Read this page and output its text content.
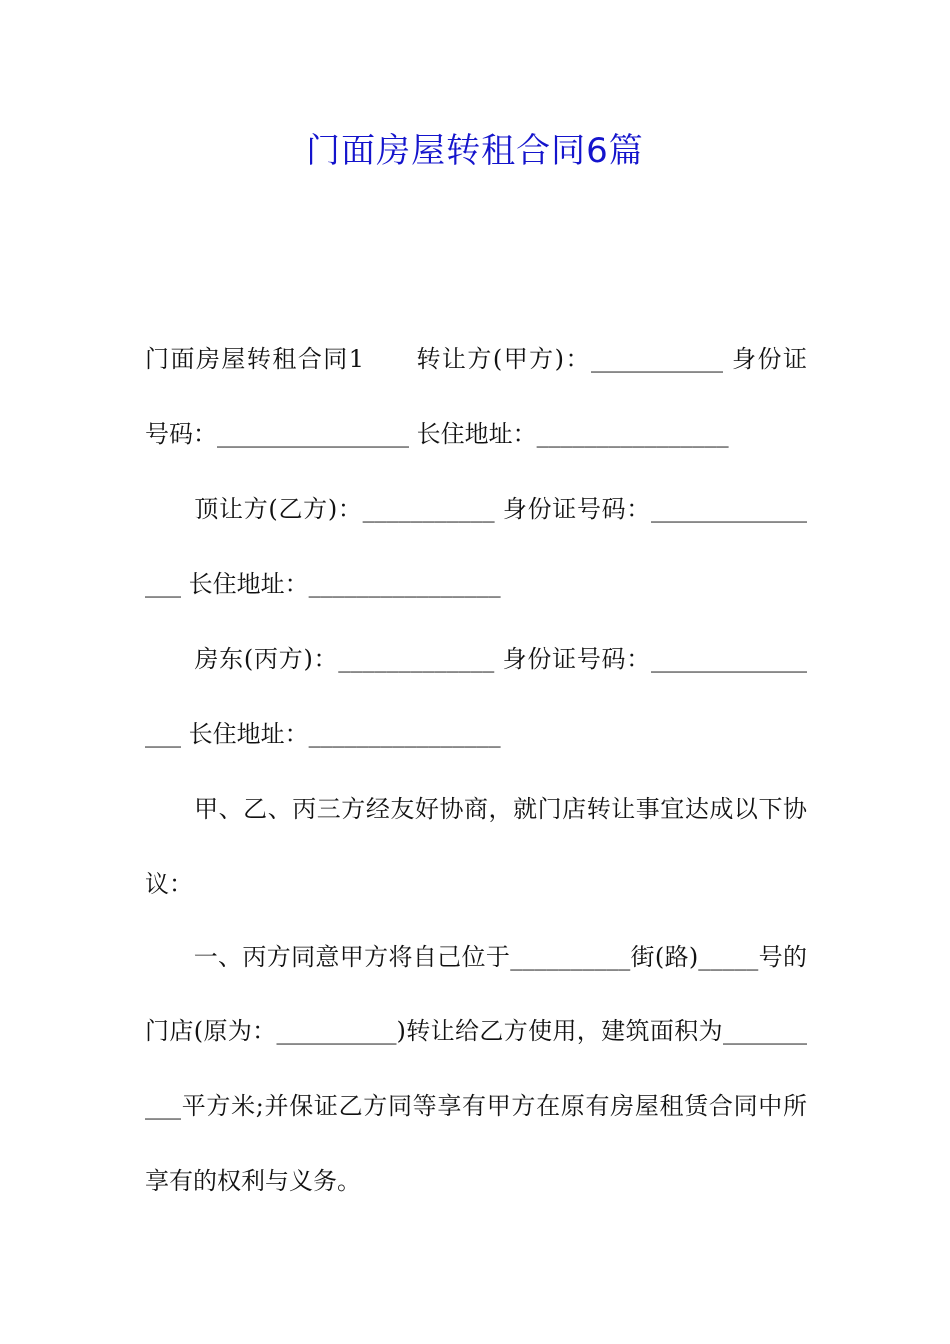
门面房屋转租合同6篇
门面房屋转租合同1　　转让方(甲方)：___________ 身份证
号码：________________ 长住地址：________________
　　顶让方(乙方)：___________ 身份证号码：_____________
___ 长住地址：________________
　　房东(丙方)：_____________ 身份证号码：_____________
___ 长住地址：________________
　　甲、乙、丙三方经友好协商，就门店转让事宜达成以下协
议：
　　一、丙方同意甲方将自己位于__________街(路)_____号的
门店(原为：__________)转让给乙方使用，建筑面积为_______
___平方米;并保证乙方同等享有甲方在原有房屋租赁合同中所
享有的权利与义务。
